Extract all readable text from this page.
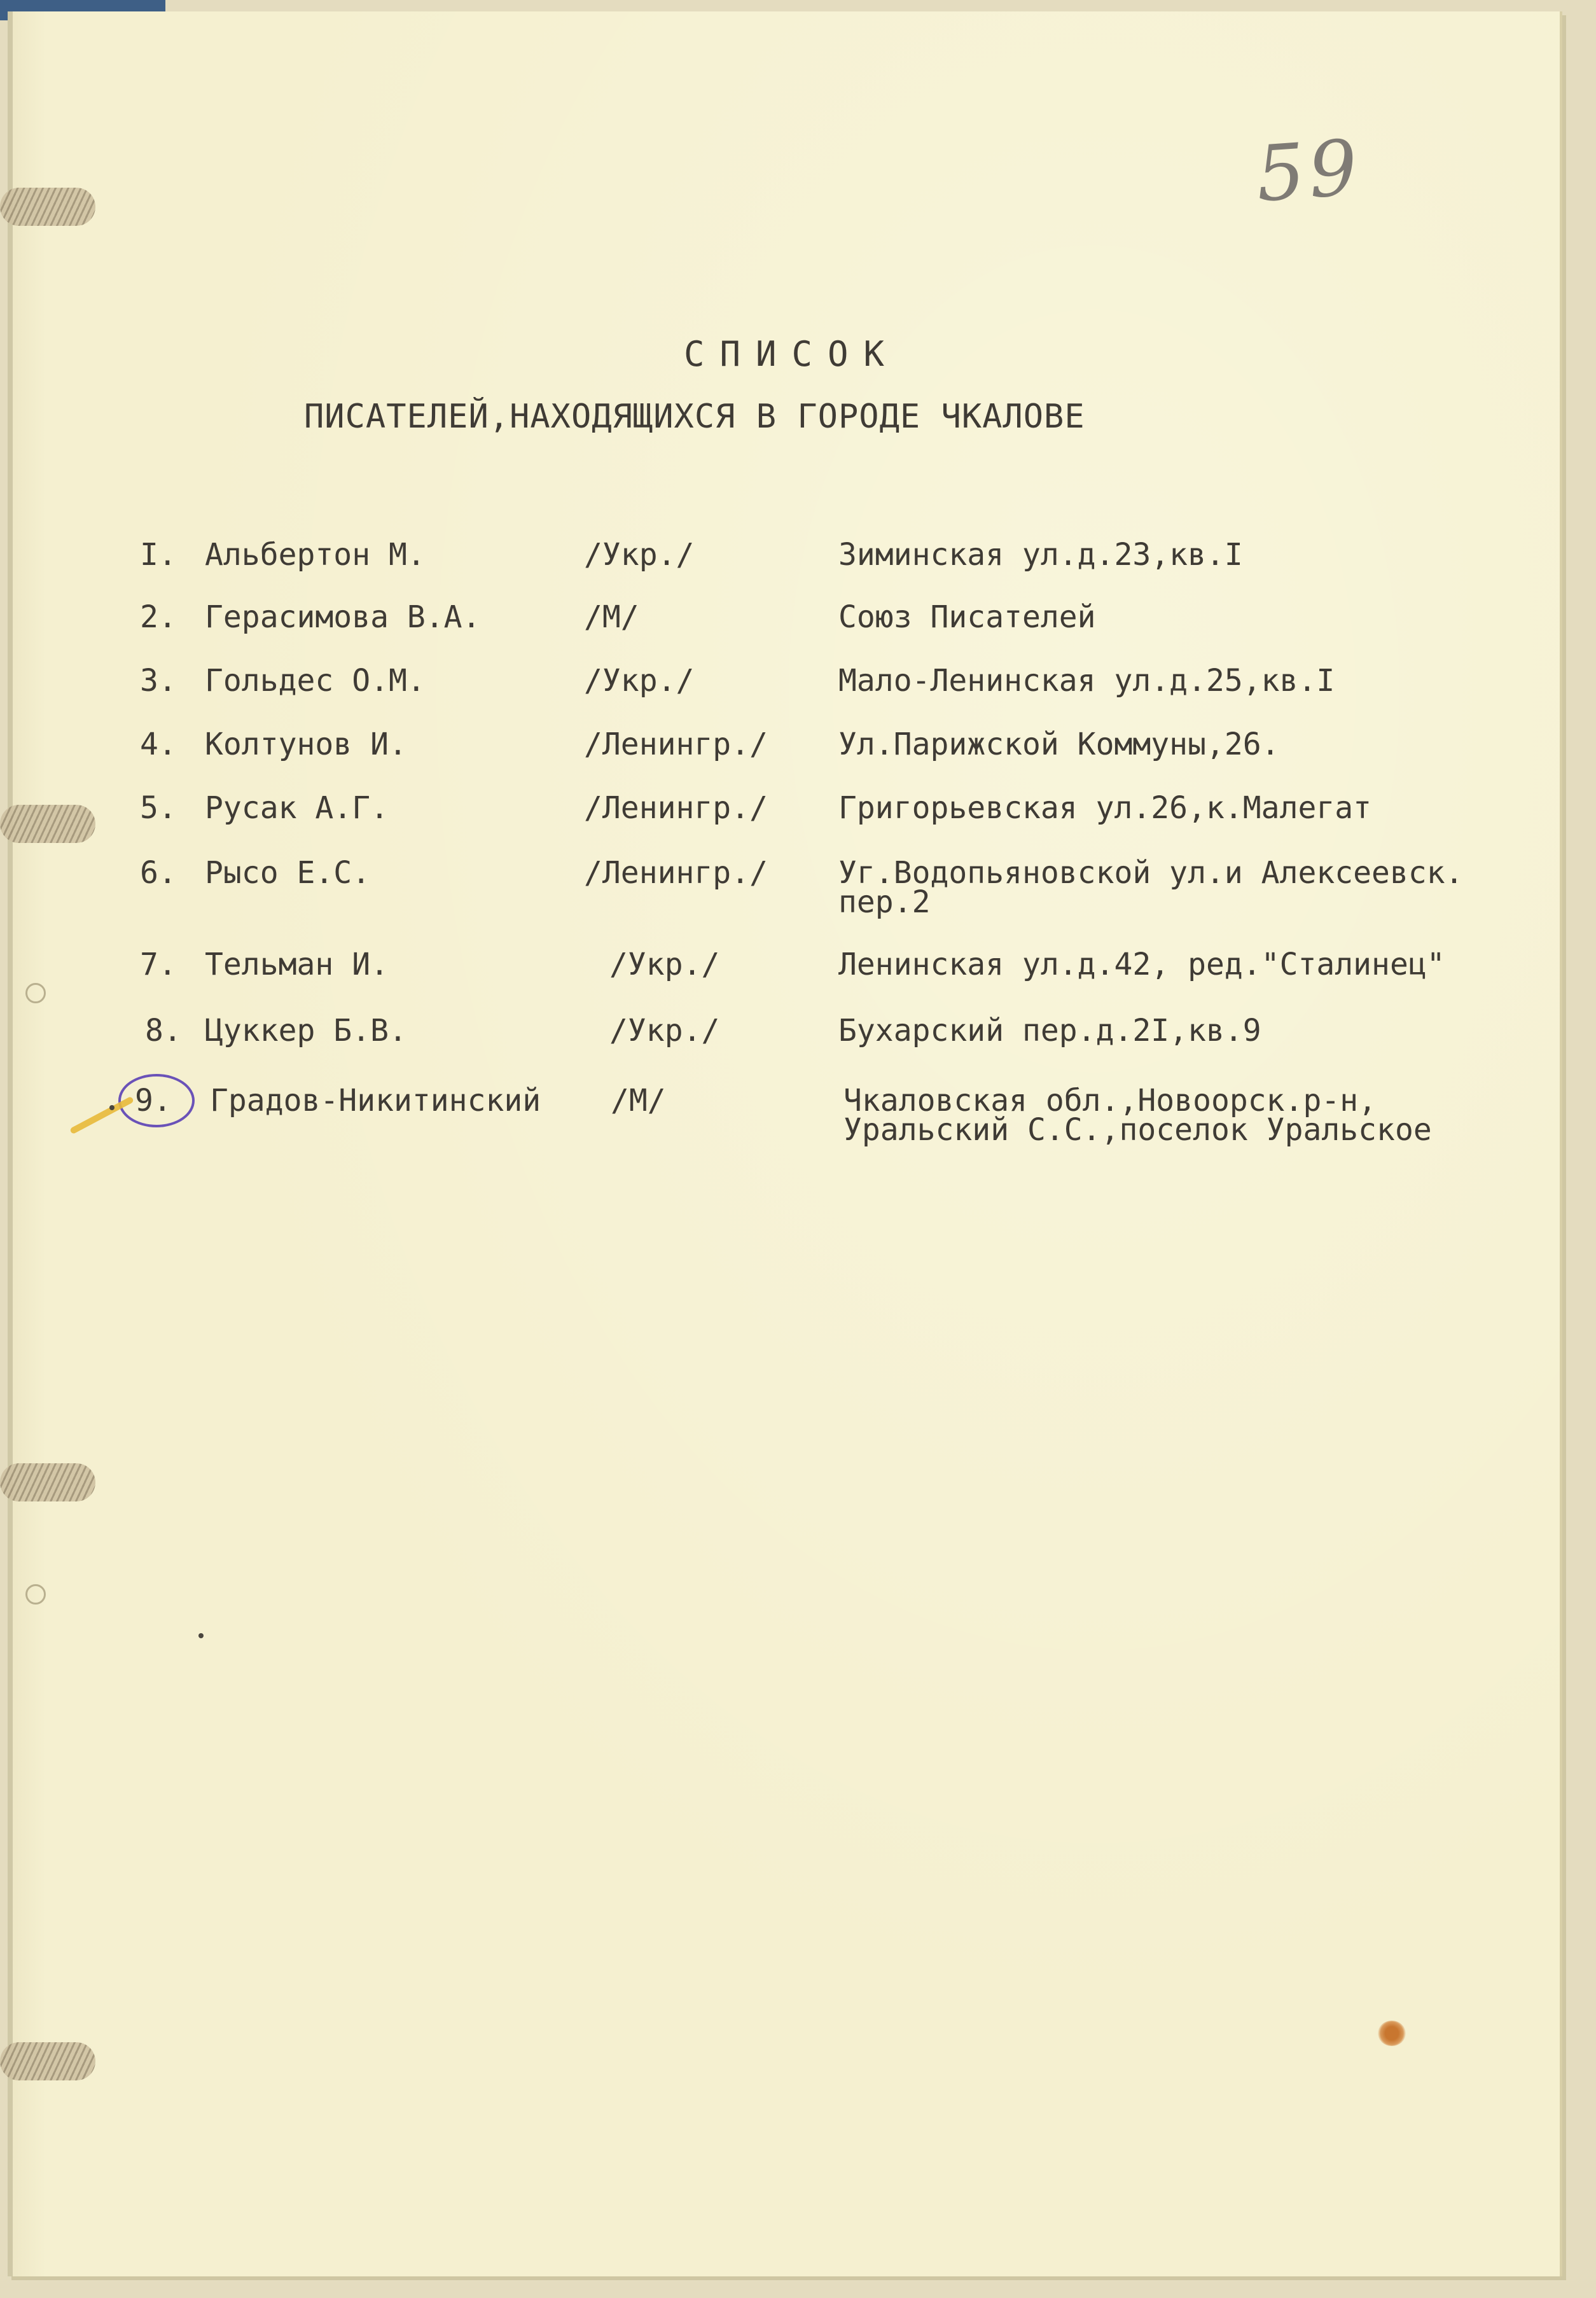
59
СПИСОК
ПИСАТЕЛЕЙ,НАХОДЯЩИХСЯ В ГОРОДЕ ЧКАЛОВЕ
I. Альбертон М.	/Укр./	Зиминская ул.д.23,кв.I
2. Герасимова В.А.	/М/	Союз Писателей
3. Гольдес О.М.	/Укр./	Мало-Ленинская ул.д.25,кв.I
4. Колтунов И.	/Ленингр./ Ул.Парижской Коммуны,26.
5. Русак А.Г.	/Ленингр./ Григорьевская ул.26,к.Малегат
6. Рысо Е.С.	/Ленингр./ Уг.Водопьяновской ул.и Алексеевск.
пер.2
7. Тельман И.	/Укр./	Ленинская ул.д.42, ред."Сталинец"
8. Цуккер Б.В.	/Укр./	Бухарский пер.д.2I,кв.9
9. Градов-Никитинский /М/	Чкаловская обл.,Новоорск.р-н,
Уральский С.С.,поселок Уральское
